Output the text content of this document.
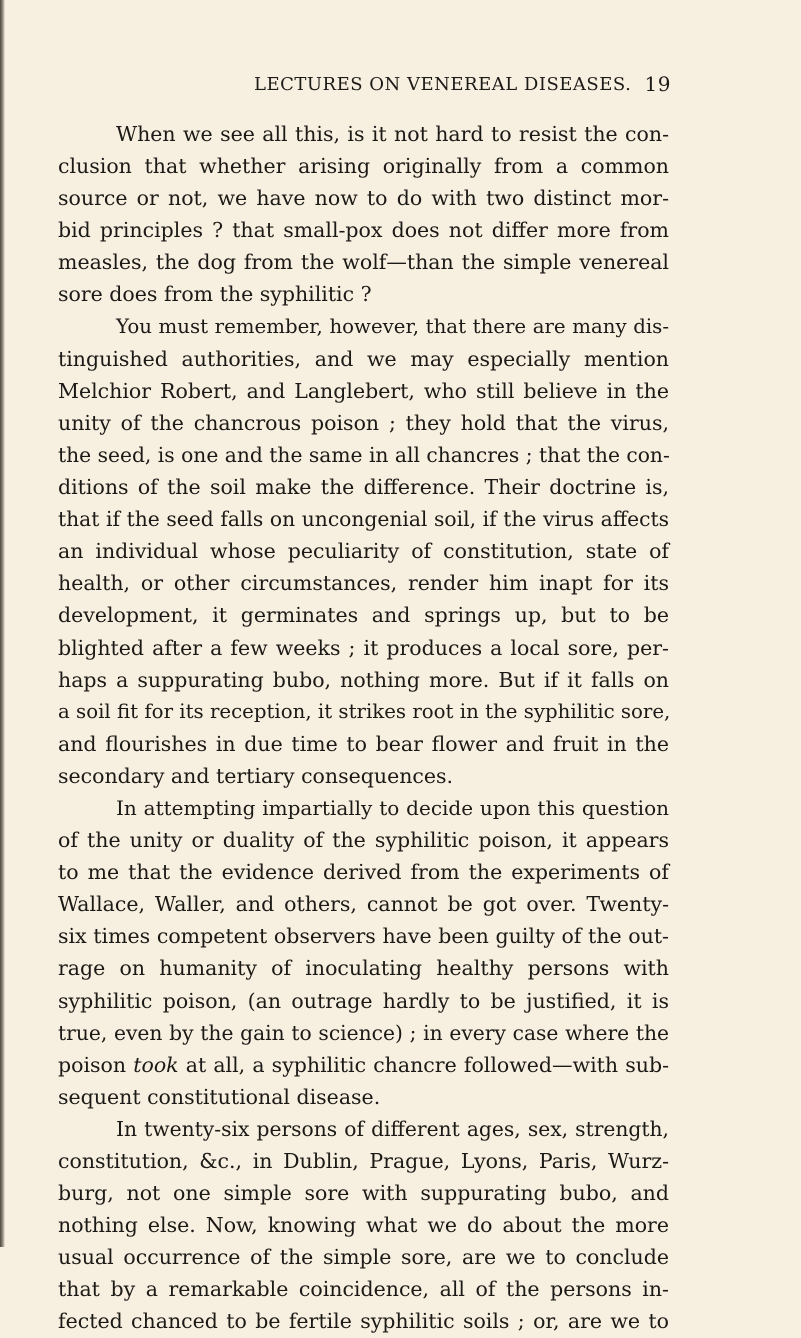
LECTURES ON VENEREAL DISEASES. 19
When we see all this, is it not hard to resist the con-
clusion that whether arising originally from a common
source or not, we have now to do with two distinct mor-
bid principles ? that small-pox does not differ more from
measles, the dog from the wolf—than the simple venereal
sore does from the syphilitic ?
You must remember, however, that there are many dis-
tinguished authorities, and we may especially mention
Melchior Robert, and Langlebert, who still believe in the
unity of the chancrous poison ; they hold that the virus,
the seed, is one and the same in all chancres ; that the con-
ditions of the soil make the difference. Their doctrine is,
that if the seed falls on uncongenial soil, if the virus affects
an individual whose peculiarity of constitution, state of
health, or other circumstances, render him inapt for its
development, it germinates and springs up, but to be
blighted after a few weeks ; it produces a local sore, per-
haps a suppurating bubo, nothing more. But if it falls on
a soil fit for its reception, it strikes root in the syphilitic sore,
and flourishes in due time to bear flower and fruit in the
secondary and tertiary consequences.
In attempting impartially to decide upon this question
of the unity or duality of the syphilitic poison, it appears
to me that the evidence derived from the experiments of
Wallace, Waller, and others, cannot be got over. Twenty-
six times competent observers have been guilty of the out-
rage on humanity of inoculating healthy persons with
syphilitic poison, (an outrage hardly to be justified, it is
true, even by the gain to science) ; in every case where the
poison took at all, a syphilitic chancre followed—with sub-
sequent constitutional disease.
In twenty-six persons of different ages, sex, strength,
constitution, &c., in Dublin, Prague, Lyons, Paris, Wurz-
burg, not one simple sore with suppurating bubo, and
nothing else. Now, knowing what we do about the more
usual occurrence of the simple sore, are we to conclude
that by a remarkable coincidence, all of the persons in-
fected chanced to be fertile syphilitic soils ; or, are we to
